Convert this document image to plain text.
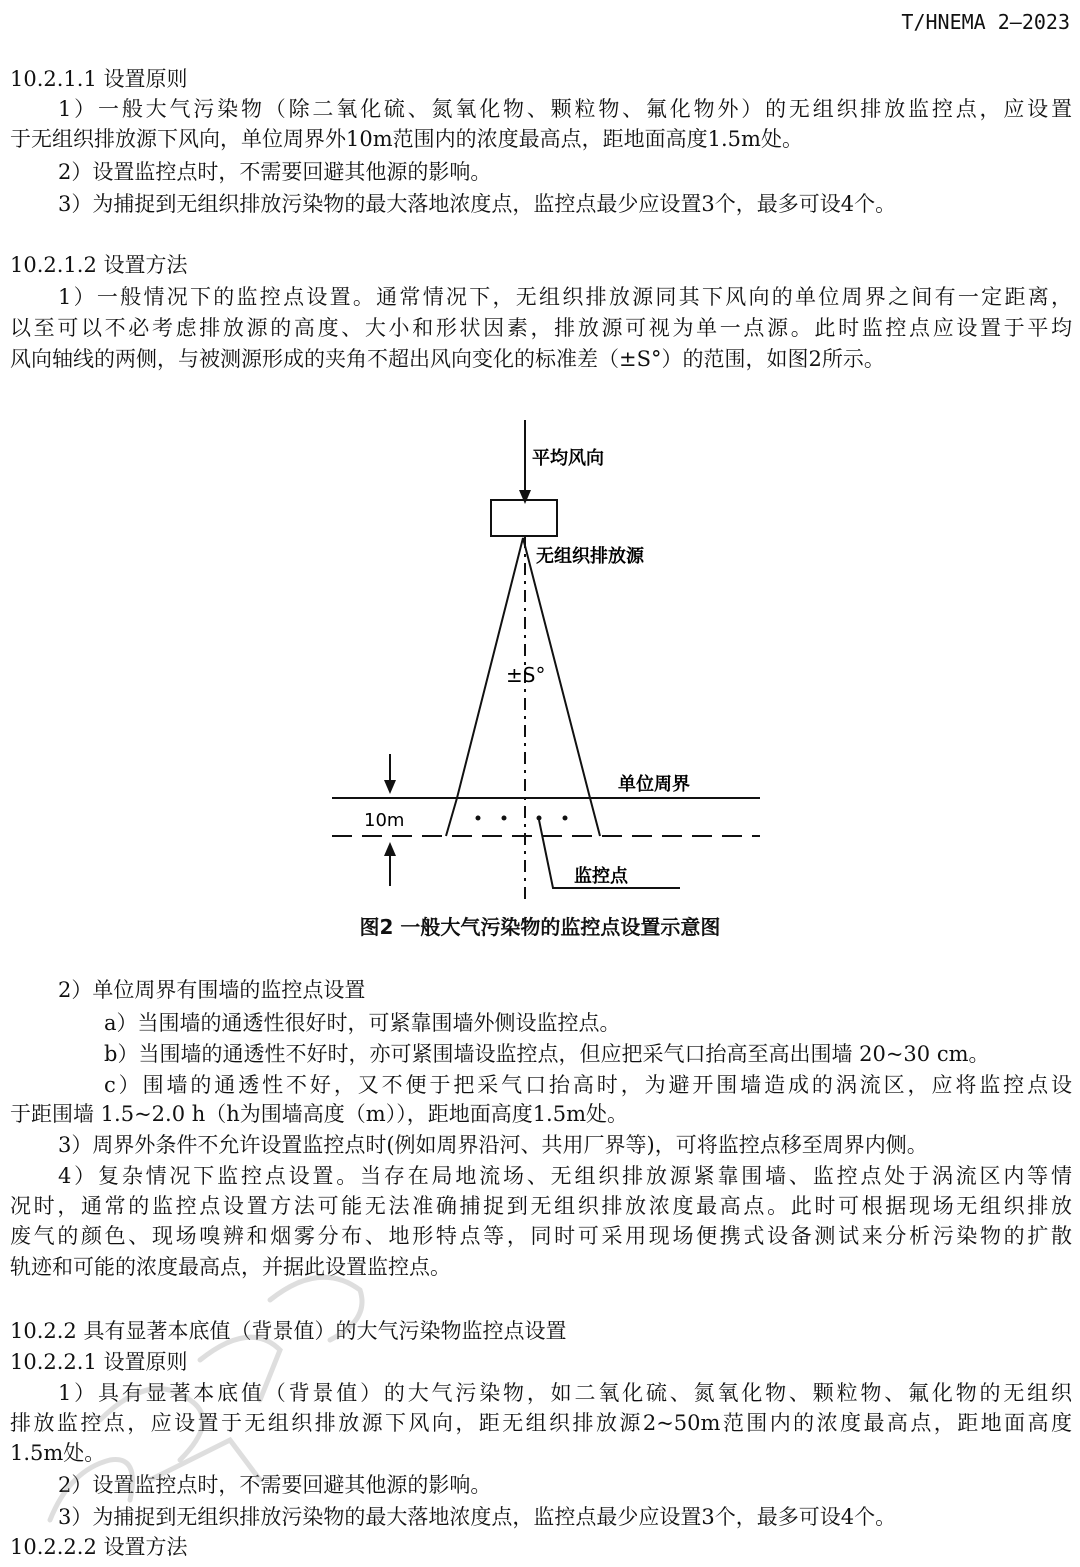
T/HNEMA 2—2023
10.2.1.1 设置原则
1）一般大气污染物（除二氧化硫、氮氧化物、颗粒物、氟化物外）的无组织排放监控点，应设置
于无组织排放源下风向，单位周界外10m范围内的浓度最高点，距地面高度1.5m处。
2）设置监控点时，不需要回避其他源的影响。
3）为捕捉到无组织排放污染物的最大落地浓度点，监控点最少应设置3个，最多可设4个。
10.2.1.2 设置方法
1）一般情况下的监控点设置。通常情况下，无组织排放源同其下风向的单位周界之间有一定距离，
以至可以不必考虑排放源的高度、大小和形状因素，排放源可视为单一点源。此时监控点应设置于平均
风向轴线的两侧，与被测源形成的夹角不超出风向变化的标准差（±S°）的范围，如图2所示。
平均风向
无组织排放源
±S°
单位周界
10m
监控点
图2 一般大气污染物的监控点设置示意图
2）单位周界有围墙的监控点设置
a）当围墙的通透性很好时，可紧靠围墙外侧设监控点。
b）当围墙的通透性不好时，亦可紧围墙设监控点，但应把采气口抬高至高出围墙 20~30 cm。
c）围墙的通透性不好，又不便于把采气口抬高时，为避开围墙造成的涡流区，应将监控点设
于距围墙 1.5~2.0 h（h为围墙高度（m）），距地面高度1.5m处。
3）周界外条件不允许设置监控点时(例如周界沿河、共用厂界等)，可将监控点移至周界内侧。
4）复杂情况下监控点设置。当存在局地流场、无组织排放源紧靠围墙、监控点处于涡流区内等情
况时，通常的监控点设置方法可能无法准确捕捉到无组织排放浓度最高点。此时可根据现场无组织排放
废气的颜色、现场嗅辨和烟雾分布、地形特点等，同时可采用现场便携式设备测试来分析污染物的扩散
轨迹和可能的浓度最高点，并据此设置监控点。
10.2.2 具有显著本底值（背景值）的大气污染物监控点设置
10.2.2.1 设置原则
1）具有显著本底值（背景值）的大气污染物，如二氧化硫、氮氧化物、颗粒物、氟化物的无组织
排放监控点，应设置于无组织排放源下风向，距无组织排放源2~50m范围内的浓度最高点，距地面高度
1.5m处。
2）设置监控点时，不需要回避其他源的影响。
3）为捕捉到无组织排放污染物的最大落地浓度点，监控点最少应设置3个，最多可设4个。
10.2.2.2 设置方法
